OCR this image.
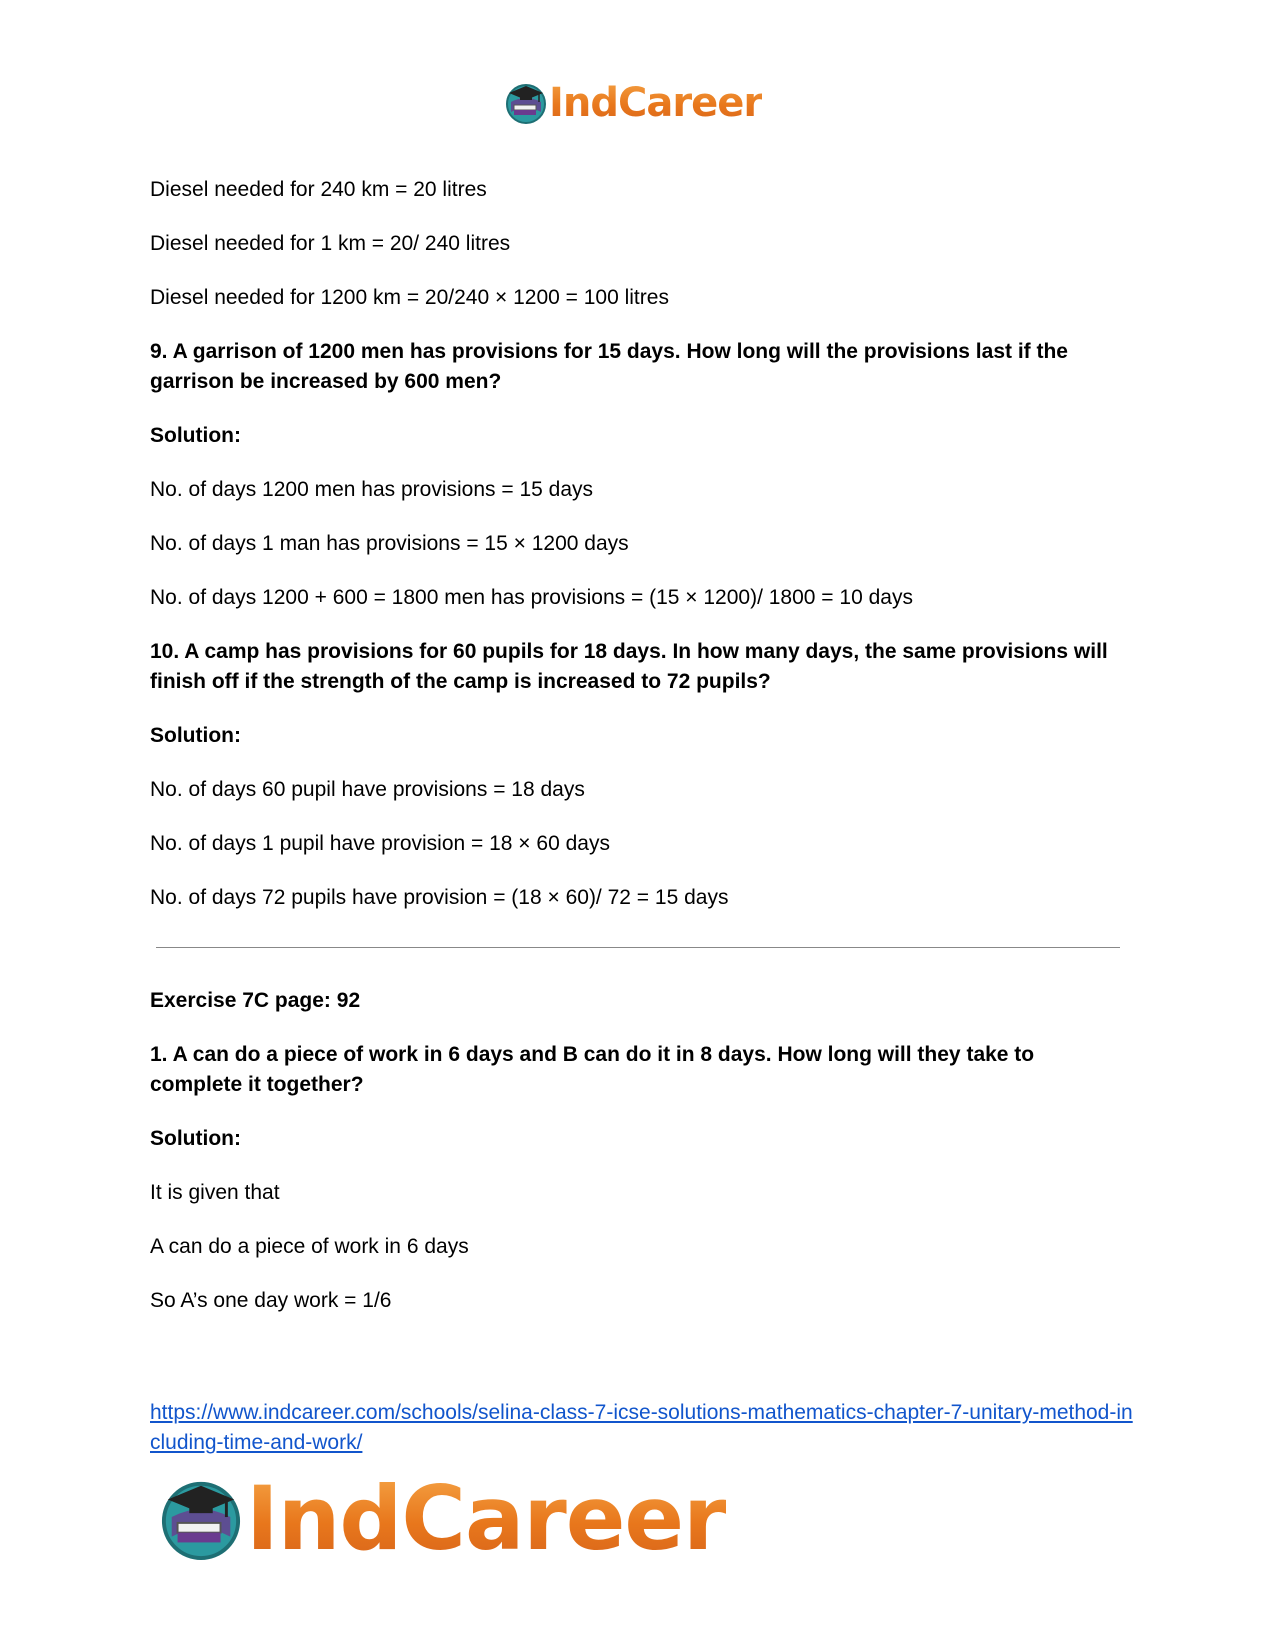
IndCareer

Diesel needed for 240 km = 20 litres

Diesel needed for 1 km = 20/ 240 litres

Diesel needed for 1200 km = 20/240 × 1200 = 100 litres

9. A garrison of 1200 men has provisions for 15 days. How long will the provisions last if the garrison be increased by 600 men?

Solution:

No. of days 1200 men has provisions = 15 days

No. of days 1 man has provisions = 15 × 1200 days

No. of days 1200 + 600 = 1800 men has provisions = (15 × 1200)/ 1800 = 10 days

10. A camp has provisions for 60 pupils for 18 days. In how many days, the same provisions will finish off if the strength of the camp is increased to 72 pupils?

Solution:

No. of days 60 pupil have provisions = 18 days

No. of days 1 pupil have provision = 18 × 60 days

No. of days 72 pupils have provision = (18 × 60)/ 72 = 15 days

Exercise 7C page: 92

1. A can do a piece of work in 6 days and B can do it in 8 days. How long will they take to complete it together?

Solution:

It is given that

A can do a piece of work in 6 days

So A’s one day work = 1/6

https://www.indcareer.com/schools/selina-class-7-icse-solutions-mathematics-chapter-7-unitary-method-including-time-and-work/
IndCareer
